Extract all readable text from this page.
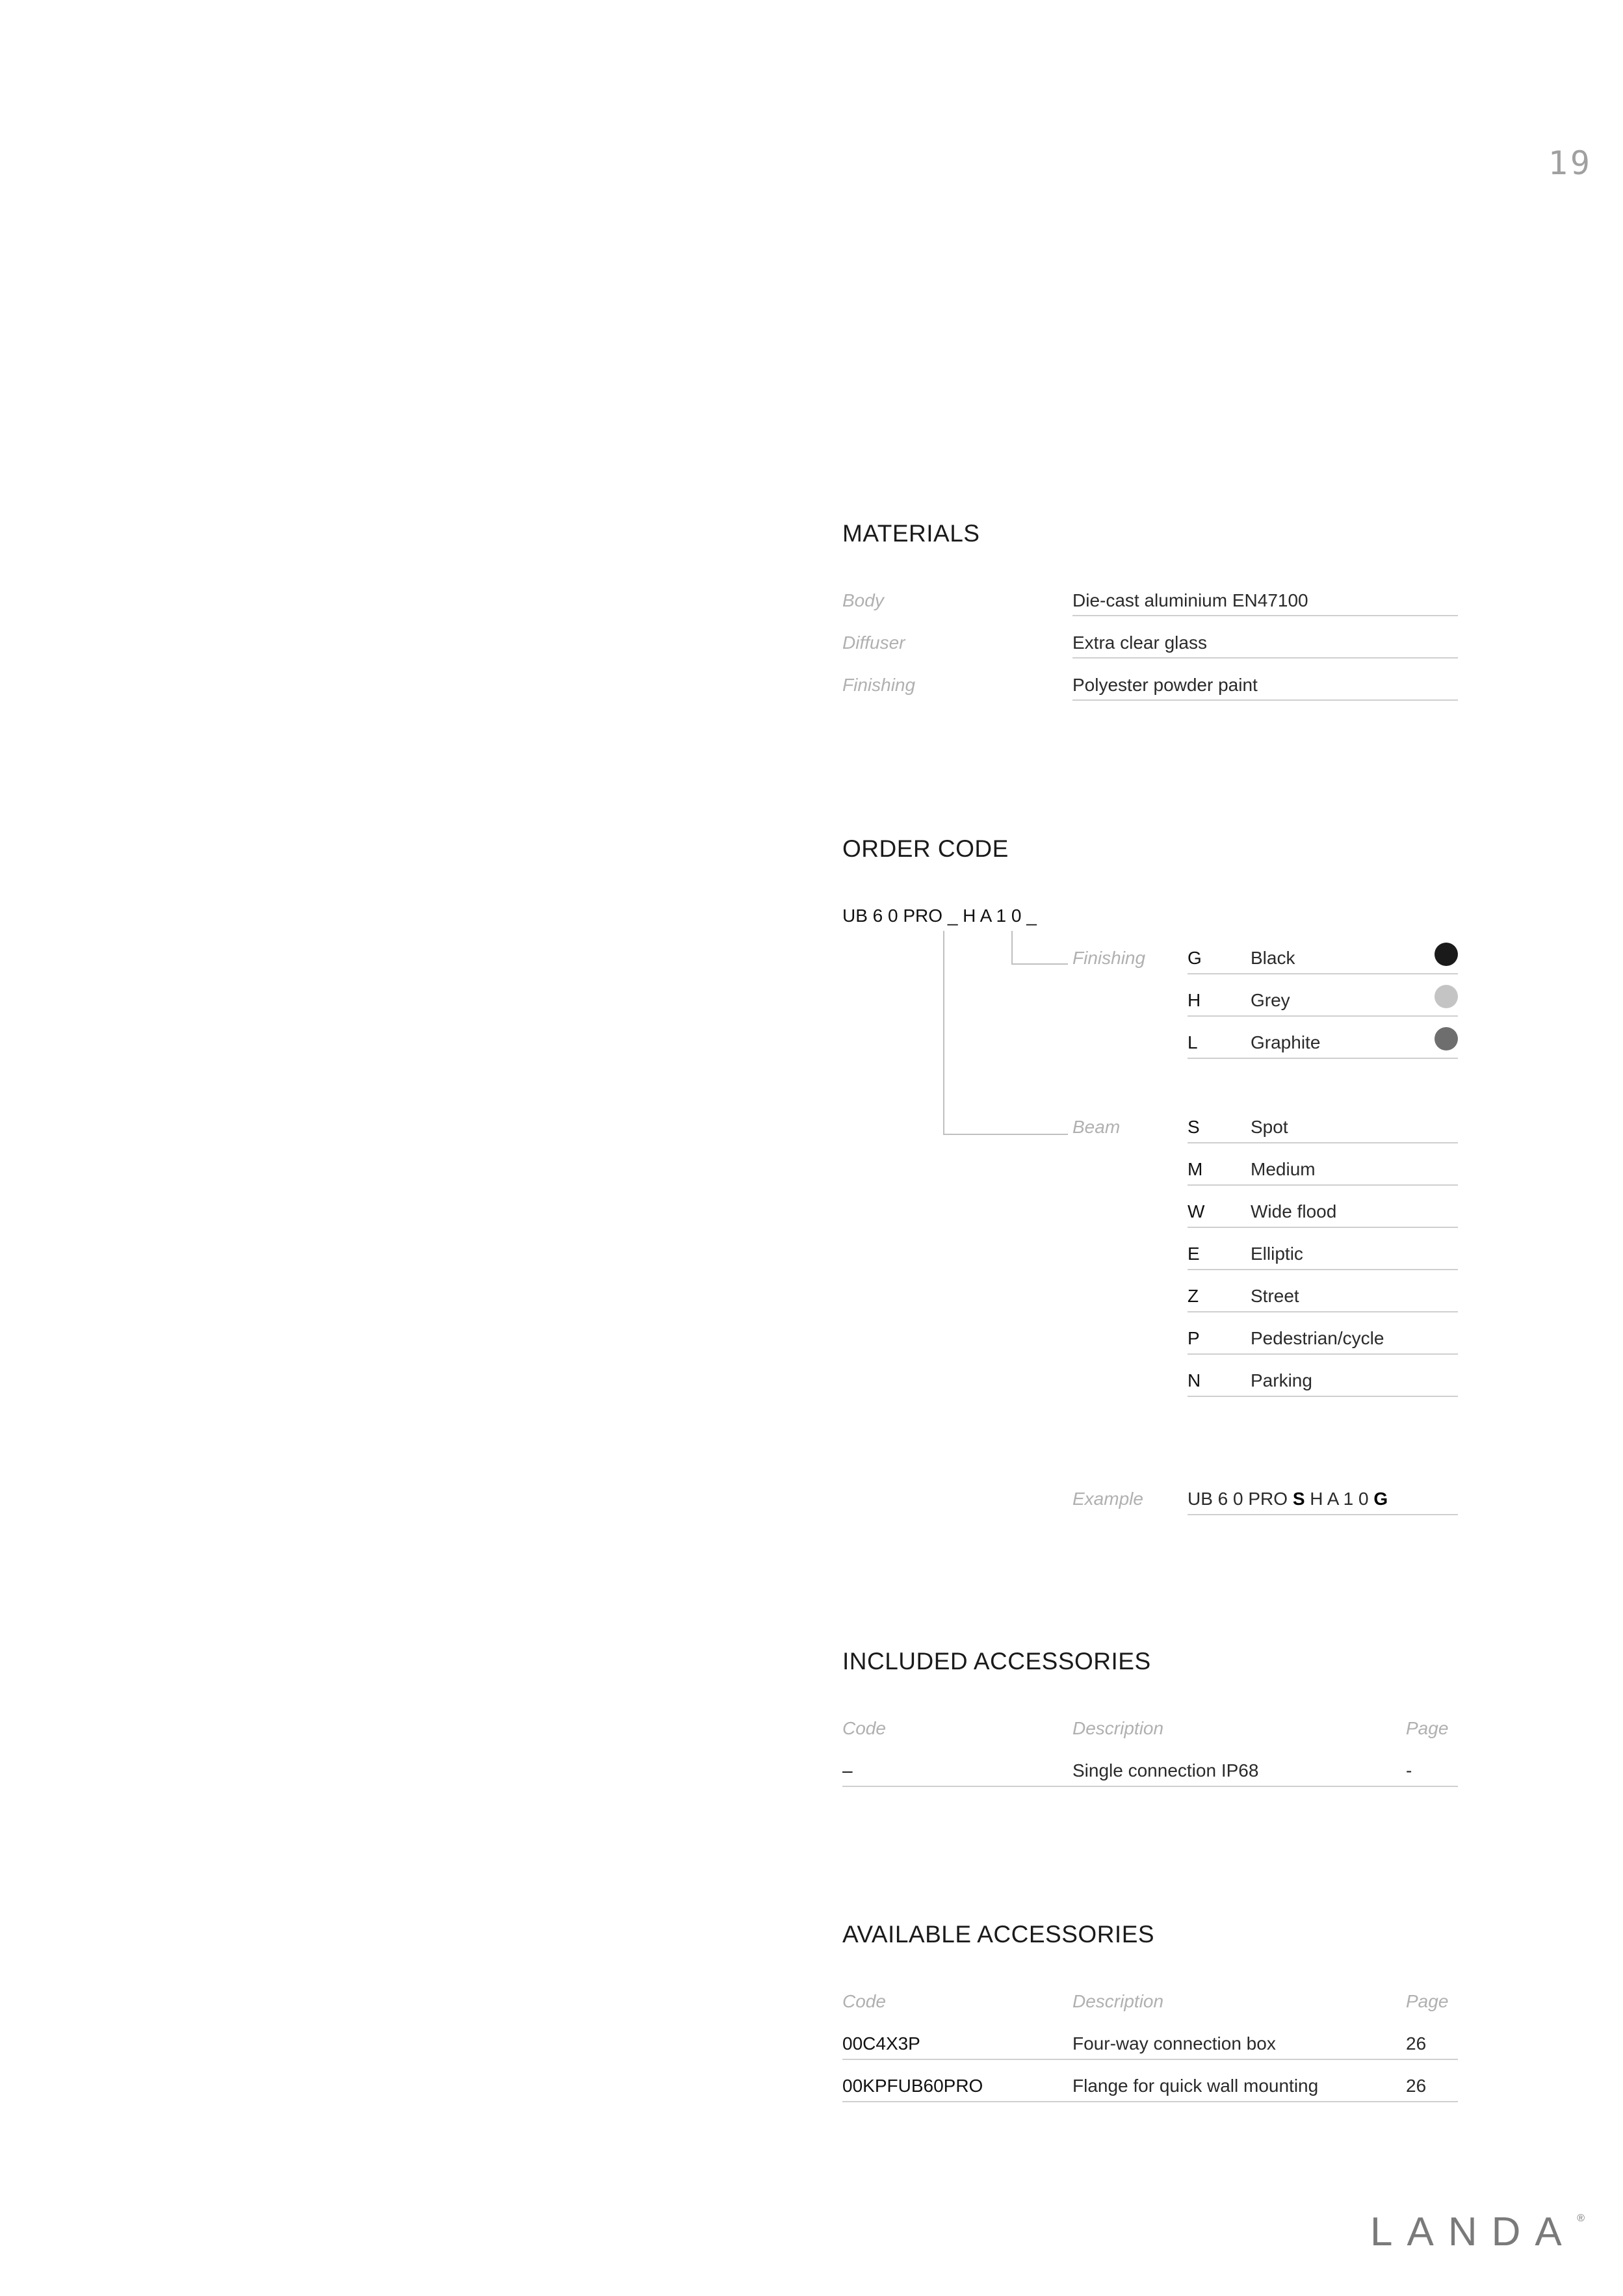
19
MATERIALS
Body	Die-cast aluminium EN47100
Diffuser	Extra clear glass
Finishing	Polyester powder paint
ORDER CODE
UB 6 0 PRO _ H A 1 0 _
Finishing G	Black
H	Grey
L	Graphite
Beam	S	Spot
M	Medium
W	Wide flood
E	Elliptic
Z	Street
P	Pedestrian/cycle
N	Parking
Example UB 6 0 PRO S H A 1 0 G
INCLUDED ACCESSORIES
Code	Description	Page
–	Single connection IP68	-
AVAILABLE ACCESSORIES
Code	Description	Page
00C4X3P	Four-way connection box	26
00KPFUB60PRO	Flange for quick wall mounting	26
LANDA ®
